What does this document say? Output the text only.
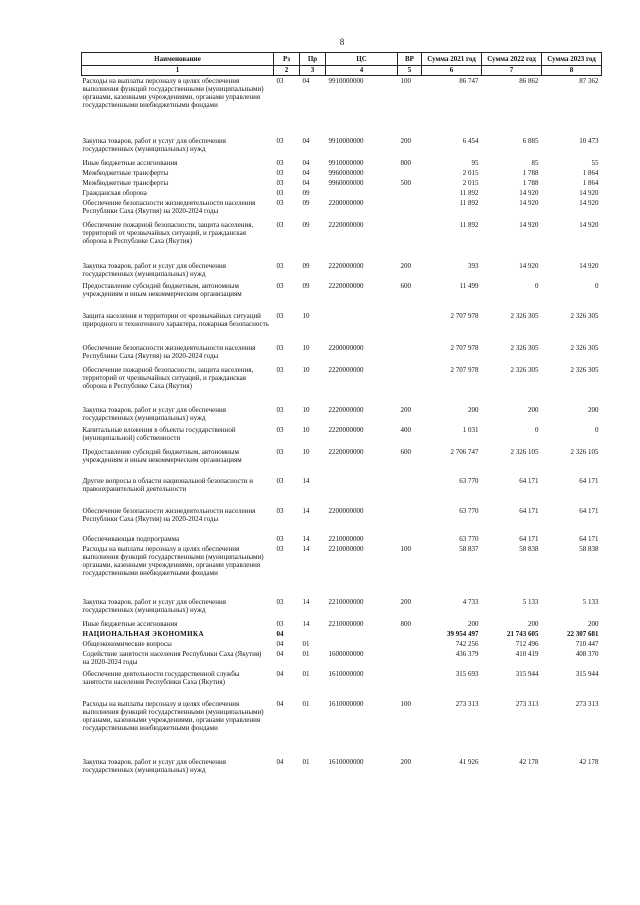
8
Наименование	Рз	Пр	ЦС	ВР	Сумма 2021 год	Сумма 2022 год	Сумма 2023 год
1	2	3	4	5	6	7	8
Расходы на выплаты персоналу в целях обеспечения выполнения функций государственными (муниципальными) органами, казенными учреждениями, органами управления государственными внебюджетными фондами	03	04	9910000000	100	86 747	86 862	87 362
Закупка товаров, работ и услуг для обеспечения государственных (муниципальных) нужд	03	04	9910000000	200	6 454	6 885	10 473
Иные бюджетные ассигнования	03	04	9910000000	800	95	85	55
Межбюджетные трансферты	03	04	9960000000		2 015	1 788	1 864
Межбюджетные трансферты	03	04	9960000000	500	2 015	1 788	1 864
Гражданская оборона	03	09			11 892	14 920	14 920
Обеспечение безопасности жизнедеятельности населения Республики Саха (Якутия) на 2020-2024 годы	03	09	2200000000		11 892	14 920	14 920
Обеспечение пожарной безопасности, защита населения, территорий от чрезвычайных ситуаций, и гражданская оборона в Республике Саха (Якутия)	03	09	2220000000		11 892	14 920	14 920
Закупка товаров, работ и услуг для обеспечения государственных (муниципальных) нужд	03	09	2220000000	200	393	14 920	14 920
Предоставление субсидий бюджетным, автономным учреждениям и иным некоммерческим организациям	03	09	2220000000	600	11 499	0	0
Защита населения и территории от чрезвычайных ситуаций природного и техногенного характера, пожарная безопасность	03	10			2 707 978	2 326 305	2 326 305
Обеспечение безопасности жизнедеятельности населения Республики Саха (Якутия) на 2020-2024 годы	03	10	2200000000		2 707 978	2 326 305	2 326 305
Обеспечение пожарной безопасности, защита населения, территорий от чрезвычайных ситуаций, и гражданская оборона в Республике Саха (Якутия)	03	10	2220000000		2 707 978	2 326 305	2 326 305
Закупка товаров, работ и услуг для обеспечения государственных (муниципальных) нужд	03	10	2220000000	200	200	200	200
Капитальные вложения в объекты государственной (муниципальной) собственности	03	10	2220000000	400	1 031	0	0
Предоставление субсидий бюджетным, автономным учреждениям и иным некоммерческим организациям	03	10	2220000000	600	2 706 747	2 326 105	2 326 105
Другие вопросы в области национальной безопасности и правоохранительной деятельности	03	14			63 770	64 171	64 171
Обеспечение безопасности жизнедеятельности населения Республики Саха (Якутия) на 2020-2024 годы	03	14	2200000000		63 770	64 171	64 171
Обеспечивающая подпрограмма	03	14	2210000000		63 770	64 171	64 171
Расходы на выплаты персоналу в целях обеспечения выполнения функций государственными (муниципальными) органами, казенными учреждениями, органами управления государственными внебюджетными фондами	03	14	2210000000	100	58 837	58 838	58 838
Закупка товаров, работ и услуг для обеспечения государственных (муниципальных) нужд	03	14	2210000000	200	4 733	5 133	5 133
Иные бюджетные ассигнования	03	14	2210000000	800	200	200	200
НАЦИОНАЛЬНАЯ ЭКОНОМИКА	04				39 954 497	21 743 605	22 307 681
Общеэкономические вопросы	04	01			742 256	712 496	710 447
Содействие занятости населения Республики Саха (Якутия) на 2020-2024 годы	04	01	1600000000		436 379	410 419	408 370
Обеспечение деятельности государственной службы занятости населения Республики Саха (Якутия)	04	01	1610000000		315 693	315 944	315 944
Расходы на выплаты персоналу в целях обеспечения выполнения функций государственными (муниципальными) органами, казенными учреждениями, органами управления государственными внебюджетными фондами	04	01	1610000000	100	273 313	273 313	273 313
Закупка товаров, работ и услуг для обеспечения государственных (муниципальных) нужд	04	01	1610000000	200	41 926	42 178	42 178
